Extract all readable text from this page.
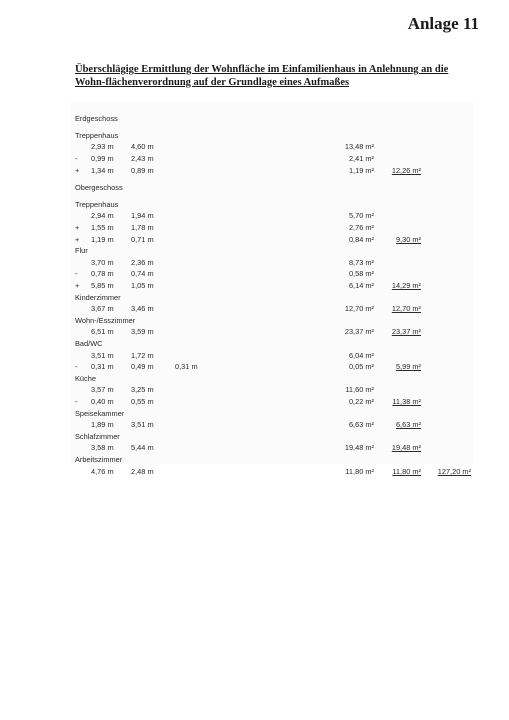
Anlage 11
Überschlägige Ermittlung der Wohnfläche im Einfamilienhaus in Anlehnung an die Wohn-flächenverordnung auf der Grundlage eines Aufmaßes
Erdgeschoss
Treppenhaus
2,93 m 4,60 m	13,48 m²
- 0,99 m 2,43 m	2,41 m²
+ 1,34 m 0,89 m	1,19 m² 12,26 m²
Obergeschoss
Treppenhaus
2,94 m 1,94 m	5,70 m²
+ 1,55 m 1,78 m	2,76 m²
+ 1,19 m 0,71 m	0,84 m²	9,30 m²
Flur
3,70 m 2,36 m	8,73 m²
- 0,78 m 0,74 m	0,58 m²
+ 5,85 m 1,05 m	6,14 m² 14,29 m²
Kinderzimmer
3,67 m 3,46 m	12,70 m² 12,70 m²
Wohn-/Esszimmer
6,51 m 3,59 m	23,37 m² 23,37 m²
Bad/WC
3,51 m 1,72 m	6,04 m²
- 0,31 m 0,49 m	0,31 m	0,05 m²	5,99 m²
Küche
3,57 m 3,25 m	11,60 m²
- 0,40 m 0,55 m	0,22 m² 11,38 m²
Speisekammer
1,89 m 3,51 m	6,63 m²	6,63 m²
Schlafzimmer
3,58 m 5,44 m	19,48 m² 19,48 m²
Arbeitszimmer
4,76 m 2,48 m	11,80 m² 11,80 m² 127,20 m²
